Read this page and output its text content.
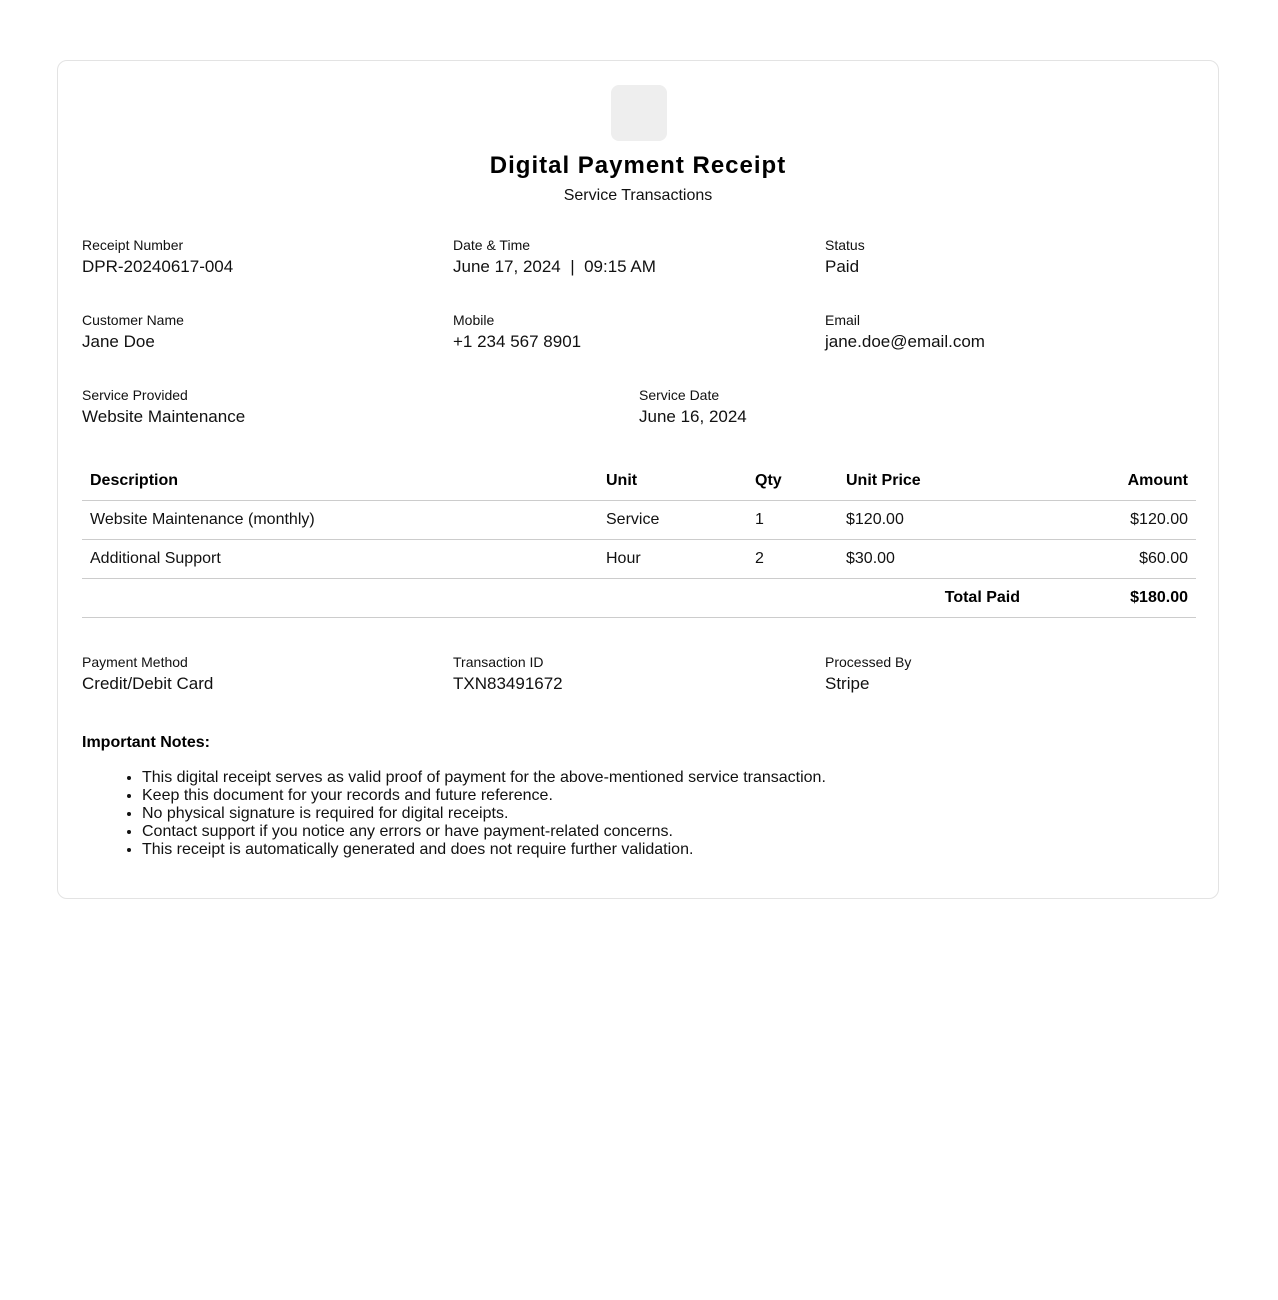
Digital Payment Receipt
Service Transactions
Receipt Number
DPR-20240617-004
Date & Time
June 17, 2024  |  09:15 AM
Status
Paid
Customer Name
Jane Doe
Mobile
+1 234 567 8901
Email
jane.doe@email.com
Service Provided
Website Maintenance
Service Date
June 16, 2024
Description	Unit	Qty	Unit Price	Amount
Website Maintenance (monthly)	Service	1	$120.00	$120.00
Additional Support	Hour	2	$30.00	$60.00
			Total Paid	$180.00
Payment Method
Credit/Debit Card
Transaction ID
TXN83491672
Processed By
Stripe
Important Notes:
• This digital receipt serves as valid proof of payment for the above-mentioned service transaction.
• Keep this document for your records and future reference.
• No physical signature is required for digital receipts.
• Contact support if you notice any errors or have payment-related concerns.
• This receipt is automatically generated and does not require further validation.
